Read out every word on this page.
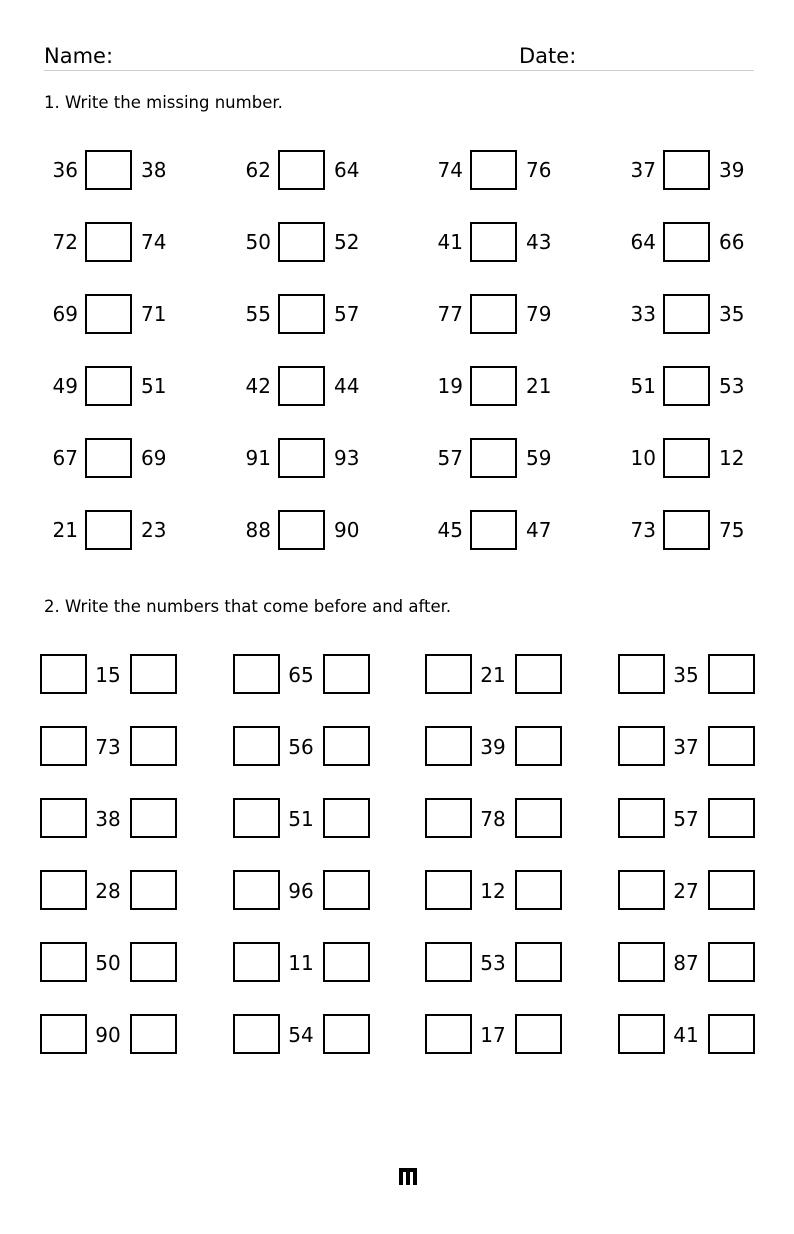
Name:	Date:
1. Write the missing number.
2. Write the numbers that come before and after.
36	38	62	64	74	76	37	39
72	74	50	52	41	43	64	66
69	71	55	57	77	79	33	35
49	51	42	44	19	21	51	53
67	69	91	93	57	59	10	12
21	23	88	90	45	47	73	75
15	65	21	35
73	56	39	37
38	51	78	57
28	96	12	27
50	11	53	87
90	54	17	41
